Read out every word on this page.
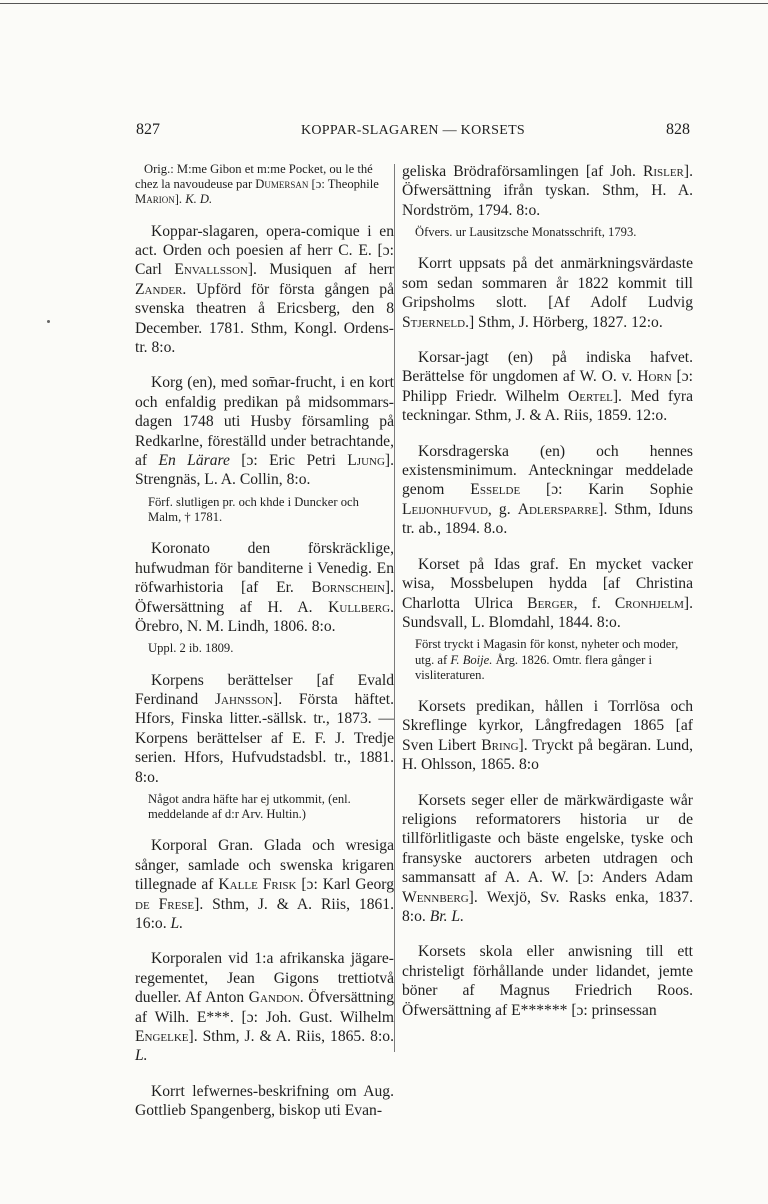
827	KOPPAR-SLAGAREN — KORSETS	828

Orig.: M:me Gibon et m:me Pocket, ou le thé chez la navoudeuse par Dumersan [ɔ: Theophile Marion]. K. D.

Koppar-slagaren, opera-comique i en act. Orden och poesien af herr C. E. [ɔ: Carl Envallsson]. Musiquen af herr Zander. Upförd för första gången på svenska theatren å Ericsberg, den 8 December. 1781. Sthm, Kongl. Ordens-tr. 8:o.

Korg (en), med som̄ar-frucht, i en kort och enfaldig predikan på midsommars-dagen 1748 uti Husby församling på Redkarlne, föreställd under betrachtande, af En Lärare [ɔ: Eric Petri Ljung]. Strengnäs, L. A. Collin, 8:o.

Förf. slutligen pr. och khde i Duncker och Malm, † 1781.

Koronato den förskräcklige, hufwudman för banditerne i Venedig. En röfwarhistoria [af Er. Bornschein]. Öfwersättning af H. A. Kullberg. Örebro, N. M. Lindh, 1806. 8:o.

Uppl. 2 ib. 1809.

Korpens berättelser [af Evald Ferdinand Jahnsson]. Första häftet. Hfors, Finska litter.-sällsk. tr., 1873. — Korpens berättelser af E. F. J. Tredje serien. Hfors, Hufvudstadsbl. tr., 1881. 8:o.

Något andra häfte har ej utkommit, (enl. meddelande af d:r Arv. Hultin.)

Korporal Gran. Glada och wresiga sånger, samlade och swenska krigaren tillegnade af Kalle Frisk [ɔ: Karl Georg de Frese]. Sthm, J. & A. Riis, 1861. 16:o. L.

Korporalen vid 1:a afrikanska jägare-regementet, Jean Gigons trettiotvå dueller. Af Anton Gandon. Öfversättning af Wilh. E***. [ɔ: Joh. Gust. Wilhelm Engelke]. Sthm, J. & A. Riis, 1865. 8:o. L.

Korrt lefwernes-beskrifning om Aug. Gottlieb Spangenberg, biskop uti Evan-

geliska Brödraförsamlingen [af Joh. Risler]. Öfwersättning ifrån tyskan. Sthm, H. A. Nordström, 1794. 8:o.

Öfvers. ur Lausitzsche Monatsschrift, 1793.

Korrt uppsats på det anmärkningsvärdaste som sedan sommaren år 1822 kommit till Gripsholms slott. [Af Adolf Ludvig Stjerneld.] Sthm, J. Hörberg, 1827. 12:o.

Korsar-jagt (en) på indiska hafvet. Berättelse för ungdomen af W. O. v. Horn [ɔ: Philipp Friedr. Wilhelm Oertel]. Med fyra teckningar. Sthm, J. & A. Riis, 1859. 12:o.

Korsdragerska (en) och hennes existensminimum. Anteckningar meddelade genom Esselde [ɔ: Karin Sophie Leijonhufvud, g. Adlersparre]. Sthm, Iduns tr. ab., 1894. 8.o.

Korset på Idas graf. En mycket vacker wisa, Mossbelupen hydda [af Christina Charlotta Ulrica Berger, f. Cronhjelm]. Sundsvall, L. Blomdahl, 1844. 8:o.

Först tryckt i Magasin för konst, nyheter och moder, utg. af F. Boije. Årg. 1826. Omtr. flera gånger i visliteraturen.

Korsets predikan, hållen i Torrlösa och Skreflinge kyrkor, Långfredagen 1865 [af Sven Libert Bring]. Tryckt på begäran. Lund, H. Ohlsson, 1865. 8:o

Korsets seger eller de märkwärdigaste wår religions reformatorers historia ur de tillförlitligaste och bäste engelske, tyske och fransyske auctorers arbeten utdragen och sammansatt af A. A. W. [ɔ: Anders Adam Wennberg]. Wexjö, Sv. Rasks enka, 1837. 8:o. Br. L.

Korsets skola eller anwisning till ett christeligt förhållande under lidandet, jemte böner af Magnus Friedrich Roos. Öfwersättning af E****** [ɔ: prinsessan
